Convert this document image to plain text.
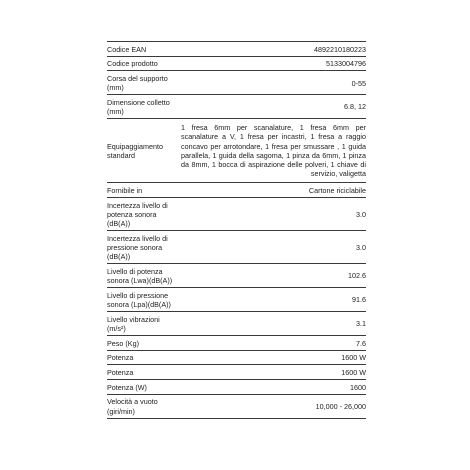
Codice EAN	4892210180223
Codice prodotto	5133004796
Corsa del supporto (mm)	0-55
Dimensione colletto (mm)	6.8, 12
Equipaggiamento standard	1 fresa 6mm per scanalature, 1 fresa 6mm per scanalature a V, 1 fresa per incastri, 1 fresa a raggio concavo per arrotondare, 1 fresa per smussare , 1 guida parallela, 1 guida della sagoma, 1 pinza da 6mm, 1 pinza da 8mm, 1 bocca di aspirazione delle polveri, 1 chiave di servizio, valigetta
Fornibile in	Cartone riciclabile
Incertezza livello di potenza sonora (dB(A))	3.0
Incertezza livello di pressione sonora (dB(A))	3.0
Livello di potenza sonora (Lwa)(dB(A))	102.6
Livello di pressione sonora (Lpa)(dB(A))	91.6
Livello vibrazioni (m/s²)	3.1
Peso (Kg)	7.6
Potenza	1600 W
Potenza	1600 W
Potenza (W)	1600
Velocità a vuoto (giri/min)	10,000 - 26,000
